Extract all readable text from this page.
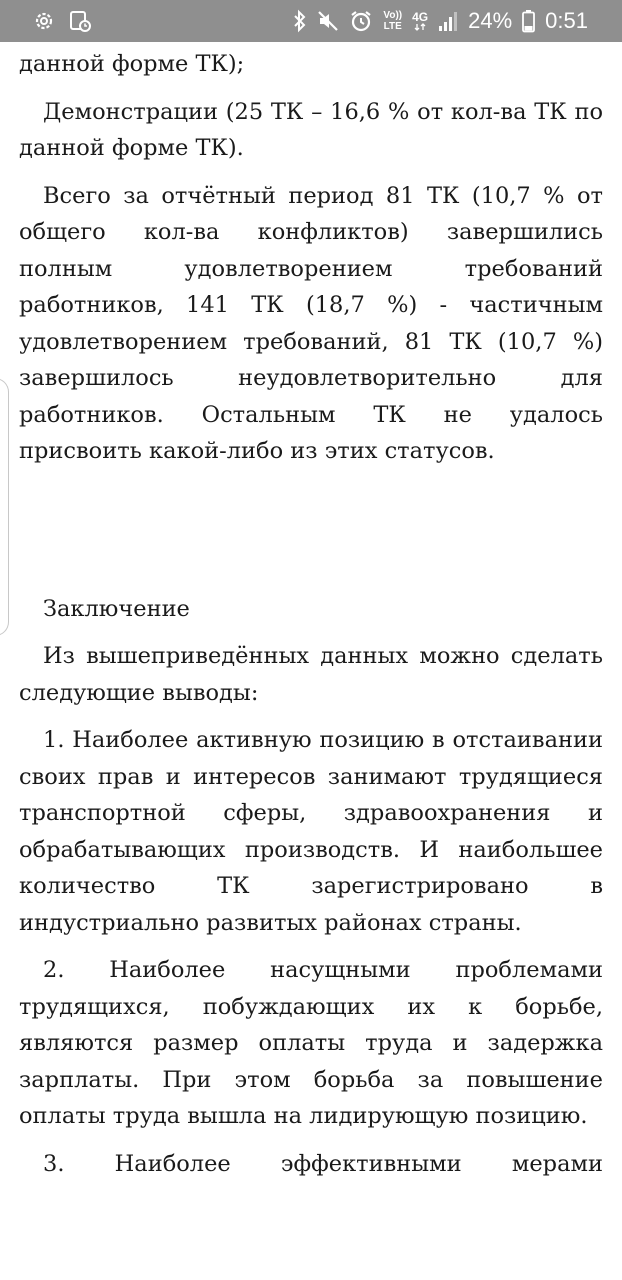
Vo))
LTE
4G 24% 0:51

данной форме ТК);

Демонстрации (25 ТК – 16,6 % от кол-ва ТК по данной форме ТК).

Всего за отчётный период 81 ТК (10,7 % от общего кол-ва конфликтов) завершились полным удовлетворением требований работников, 141 ТК (18,7 %) - частичным удовлетворением требований, 81 ТК (10,7 %) завершилось неудовлетворительно для работников. Остальным ТК не удалось присвоить какой-либо из этих статусов.

Заключение

Из вышеприведённых данных можно сделать следующие выводы:

1. Наиболее активную позицию в отстаивании своих прав и интересов занимают трудящиеся транспортной сферы, здравоохранения и обрабатывающих производств. И наибольшее количество ТК зарегистрировано в индустриально развитых районах страны.

2. Наиболее насущными проблемами трудящихся, побуждающих их к борьбе, являются размер оплаты труда и задержка зарплаты. При этом борьба за повышение оплаты труда вышла на лидирующую позицию.

3. Наиболее эффективными мерами
